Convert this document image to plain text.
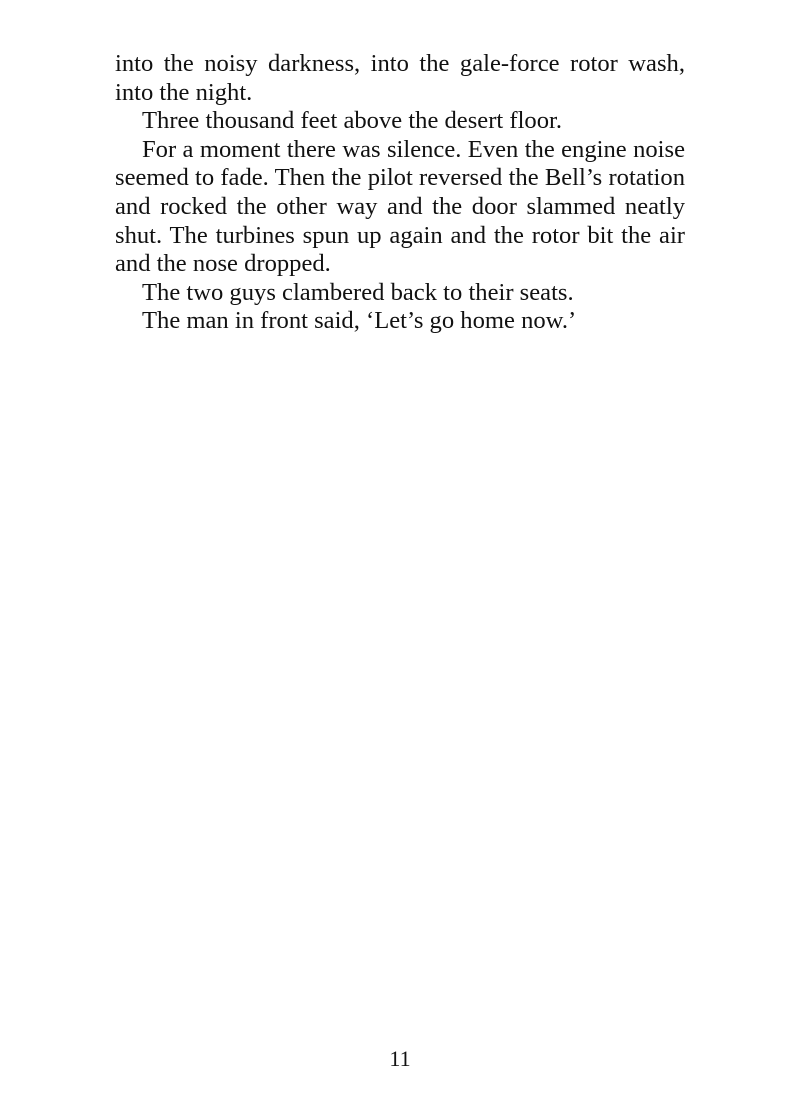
into the noisy darkness, into the gale-force rotor wash, into the night.

Three thousand feet above the desert floor.

For a moment there was silence. Even the engine noise seemed to fade. Then the pilot reversed the Bell’s rotation and rocked the other way and the door slammed neatly shut. The turbines spun up again and the rotor bit the air and the nose dropped.

The two guys clambered back to their seats.

The man in front said, ‘Let’s go home now.’

11
